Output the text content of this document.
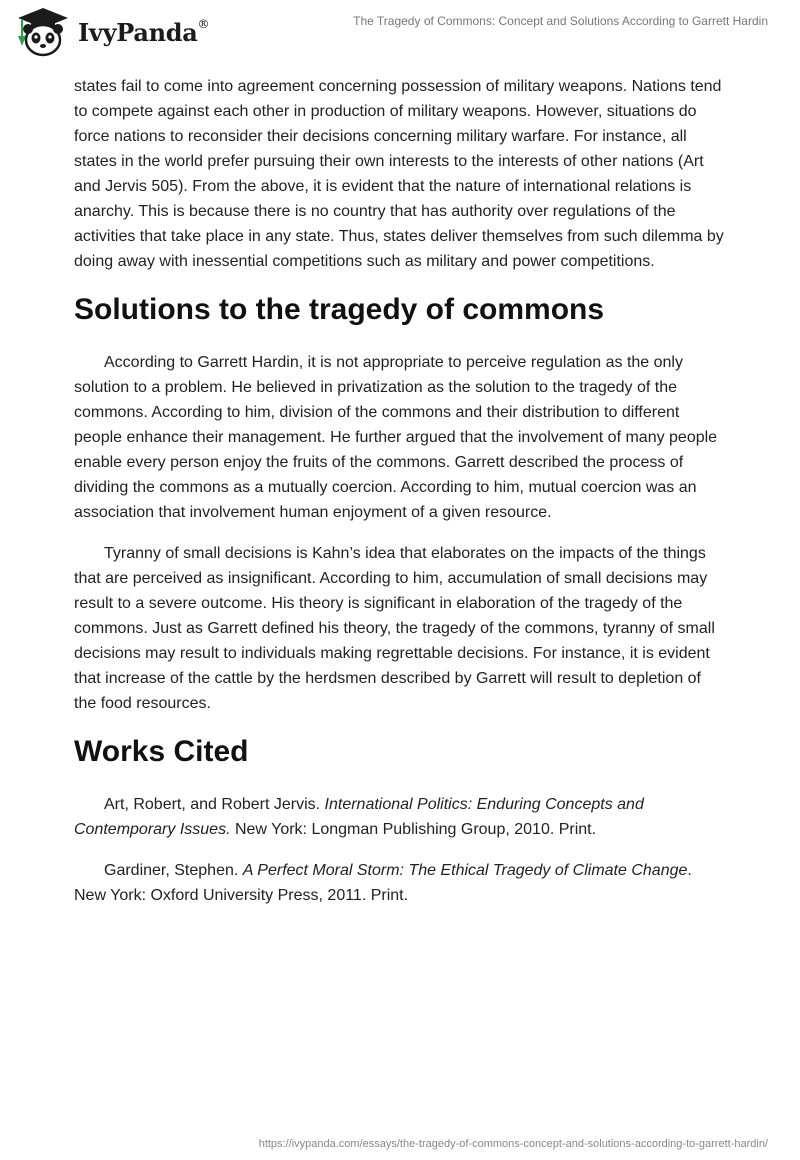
IvyPanda®	The Tragedy of Commons: Concept and Solutions According to Garrett Hardin

states fail to come into agreement concerning possession of military weapons. Nations tend to compete against each other in production of military weapons. However, situations do force nations to reconsider their decisions concerning military warfare. For instance, all states in the world prefer pursuing their own interests to the interests of other nations (Art and Jervis 505). From the above, it is evident that the nature of international relations is anarchy. This is because there is no country that has authority over regulations of the activities that take place in any state. Thus, states deliver themselves from such dilemma by doing away with inessential competitions such as military and power competitions.

Solutions to the tragedy of commons

According to Garrett Hardin, it is not appropriate to perceive regulation as the only solution to a problem. He believed in privatization as the solution to the tragedy of the commons. According to him, division of the commons and their distribution to different people enhance their management. He further argued that the involvement of many people enable every person enjoy the fruits of the commons. Garrett described the process of dividing the commons as a mutually coercion. According to him, mutual coercion was an association that involvement human enjoyment of a given resource.

Tyranny of small decisions is Kahn’s idea that elaborates on the impacts of the things that are perceived as insignificant. According to him, accumulation of small decisions may result to a severe outcome. His theory is significant in elaboration of the tragedy of the commons. Just as Garrett defined his theory, the tragedy of the commons, tyranny of small decisions may result to individuals making regrettable decisions. For instance, it is evident that increase of the cattle by the herdsmen described by Garrett will result to depletion of the food resources.

Works Cited

Art, Robert, and Robert Jervis. International Politics: Enduring Concepts and Contemporary Issues. New York: Longman Publishing Group, 2010. Print.

Gardiner, Stephen. A Perfect Moral Storm: The Ethical Tragedy of Climate Change. New York: Oxford University Press, 2011. Print.

https://ivypanda.com/essays/the-tragedy-of-commons-concept-and-solutions-according-to-garrett-hardin/
